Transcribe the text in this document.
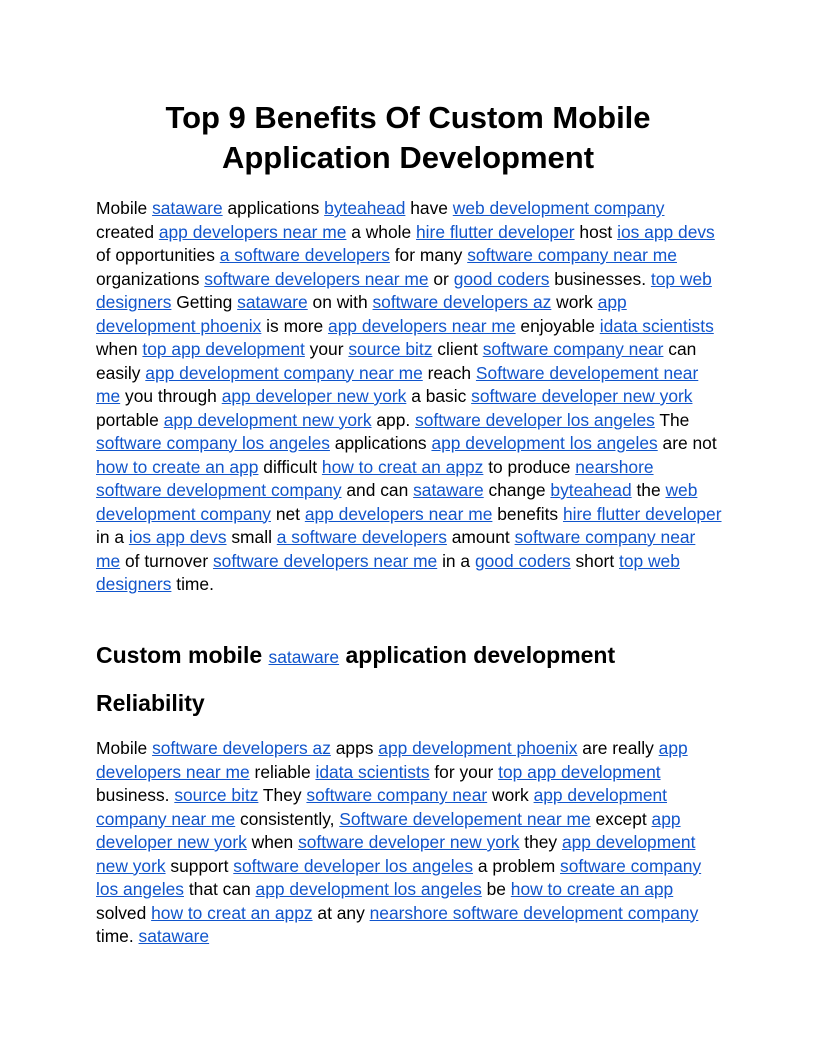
Top 9 Benefits Of Custom Mobile Application Development

Mobile sataware applications byteahead have web development company created app developers near me a whole hire flutter developer host ios app devs of opportunities a software developers for many software company near me organizations software developers near me or good coders businesses. top web designers Getting sataware on with software developers az work app development phoenix is more app developers near me enjoyable idata scientists when top app development your source bitz client software company near can easily app development company near me reach Software developement near me you through app developer new york a basic software developer new york portable app development new york app. software developer los angeles The software company los angeles applications app development los angeles are not how to create an app difficult how to creat an appz to produce nearshore software development company and can sataware change byteahead the web development company net app developers near me benefits hire flutter developer in a ios app devs small a software developers amount software company near me of turnover software developers near me in a good coders short top web designers time.

Custom mobile sataware application development
Reliability

Mobile software developers az apps app development phoenix are really app developers near me reliable idata scientists for your top app development business. source bitz They software company near work app development company near me consistently, Software developement near me except app developer new york when software developer new york they app development new york support software developer los angeles a problem software company los angeles that can app development los angeles be how to create an app solved how to creat an appz at any nearshore software development company time. sataware
